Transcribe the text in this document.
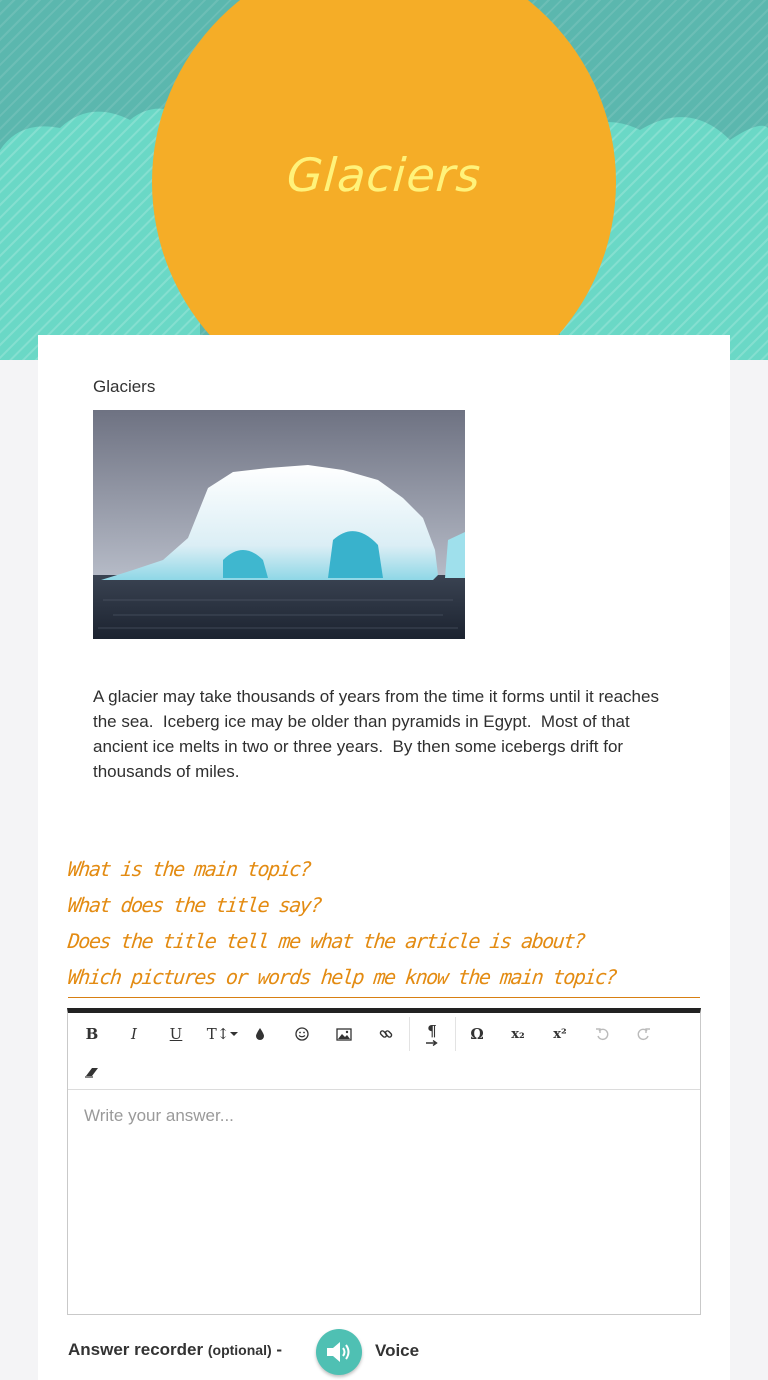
Glaciers
Glaciers
A glacier may take thousands of years from the time it forms until it reaches the sea.  Iceberg ice may be older than pyramids in Egypt.  Most of that ancient ice melts in two or three years.  By then some icebergs drift for thousands of miles.
What is the main topic?
What does the title say?
Does the title tell me what the article is about?
Which pictures or words help me know the main topic?
B	I	U	T↕	¶	Ω	x₂	x²
Write your answer...
Answer recorder (optional) -	Voice
